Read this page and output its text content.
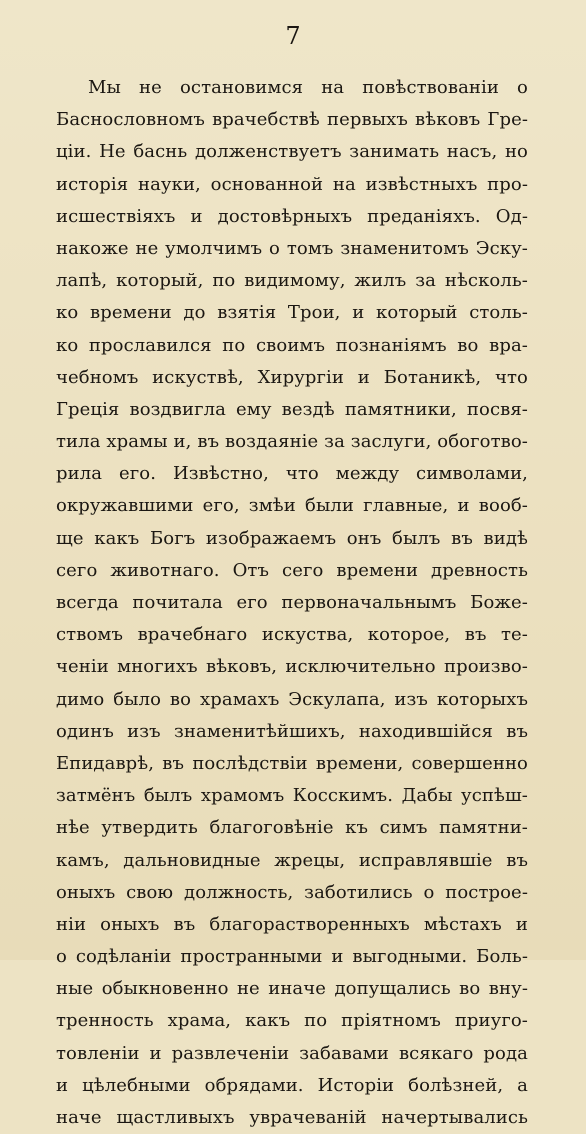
7
Мы не остановимся на повѣствованіи о
Баснословномъ врачебствѣ первыхъ вѣковъ Гре-
ціи. Не баснь долженствуетъ занимать насъ, но
исторія науки, основанной на извѣстныхъ про-
исшествіяхъ и достовѣрныхъ преданіяхъ. Од-
накоже не умолчимъ о томъ знаменитомъ Эску-
лапѣ, который, по видимому, жилъ за нѣсколь-
ко времени до взятія Трои, и который столь-
ко прославился по своимъ познаніямъ во вра-
чебномъ искуствѣ, Хирургіи и Ботаникѣ, что
Греція воздвигла ему вездѣ памятники, посвя-
тила храмы и, въ воздаяніе за заслуги, обоготво-
рила его. Извѣстно, что между символами,
окружавшими его, змѣи были главные, и вооб-
ще какъ Богъ изображаемъ онъ былъ въ видѣ
сего животнаго. Отъ сего времени древность
всегда почитала его первоначальнымъ Боже-
ствомъ врачебнаго искуства, которое, въ те-
ченіи многихъ вѣковъ, исключительно произво-
димо было во храмахъ Эскулапа, изъ которыхъ
одинъ изъ знаменитѣйшихъ, находившійся въ
Епидаврѣ, въ послѣдствіи времени, совершенно
затмёнъ былъ храмомъ Косскимъ. Дабы успѣш-
нѣе утвердить благоговѣніе къ симъ памятни-
камъ, дальновидные жрецы, исправлявшіе въ
оныхъ свою должность, заботились о построе-
ніи оныхъ въ благорастворенныхъ мѣстахъ и
о содѣланіи пространными и выгодными. Боль-
ные обыкновенно не иначе допущались во вну-
тренность храма, какъ по пріятномъ приуго-
товленіи и развлеченіи забавами всякаго рода
и цѣлебными обрядами. Исторіи болѣзней, а
наче щастливыхъ уврачеваній начертывались
